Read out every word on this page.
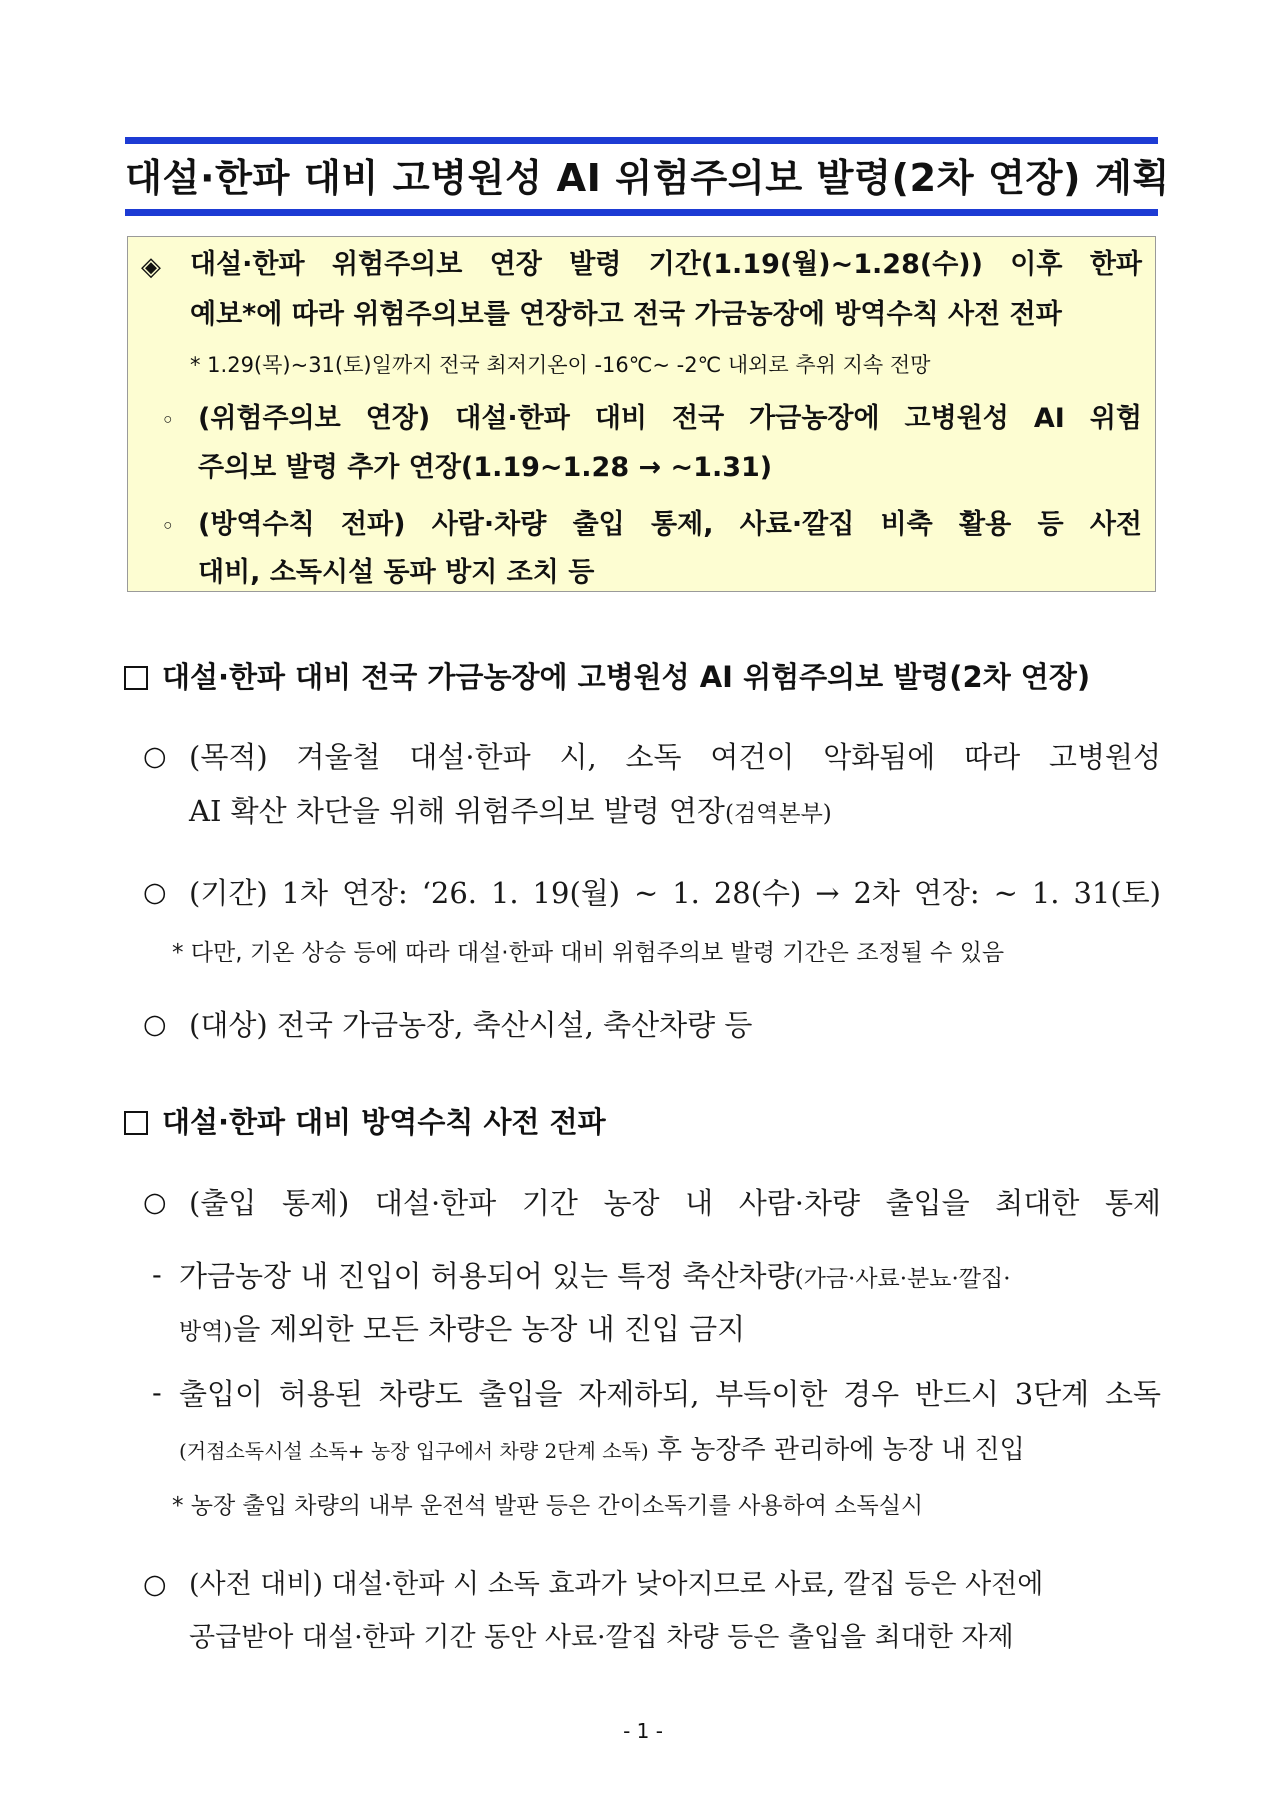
대설·한파 대비 고병원성 AI 위험주의보 발령(2차 연장) 계획
◈ 대설·한파 위험주의보 연장 발령 기간(1.19(월)~1.28(수)) 이후 한파
예보*에 따라 위험주의보를 연장하고 전국 가금농장에 방역수칙 사전 전파
* 1.29(목)~31(토)일까지 전국 최저기온이 -16℃~ -2℃ 내외로 추위 지속 전망
◦ (위험주의보 연장) 대설·한파 대비 전국 가금농장에 고병원성 AI 위험
주의보 발령 추가 연장(1.19~1.28 → ~1.31)
◦ (방역수칙 전파) 사람·차량 출입 통제, 사료·깔집 비축 활용 등 사전
대비, 소독시설 동파 방지 조치 등
대설·한파 대비 전국 가금농장에 고병원성 AI 위험주의보 발령(2차 연장)
○ (목적) 겨울철 대설·한파 시, 소독 여건이 악화됨에 따라 고병원성
AI 확산 차단을 위해 위험주의보 발령 연장(검역본부)
○ (기간) 1차 연장: ‘26. 1. 19(월) ~ 1. 28(수) → 2차 연장: ~ 1. 31(토)
* 다만, 기온 상승 등에 따라 대설·한파 대비 위험주의보 발령 기간은 조정될 수 있음
○ (대상) 전국 가금농장, 축산시설, 축산차량 등
대설·한파 대비 방역수칙 사전 전파
○ (출입 통제) 대설·한파 기간 농장 내 사람·차량 출입을 최대한 통제
- 가금농장 내 진입이 허용되어 있는 특정 축산차량(가금·사료·분뇨·깔집·
방역)을 제외한 모든 차량은 농장 내 진입 금지
- 출입이 허용된 차량도 출입을 자제하되, 부득이한 경우 반드시 3단계 소독
(거점소독시설 소독+ 농장 입구에서 차량 2단계 소독) 후 농장주 관리하에 농장 내 진입
* 농장 출입 차량의 내부 운전석 발판 등은 간이소독기를 사용하여 소독실시
○ (사전 대비) 대설·한파 시 소독 효과가 낮아지므로 사료, 깔집 등은 사전에
공급받아 대설·한파 기간 동안 사료·깔집 차량 등은 출입을 최대한 자제
- 1 -
